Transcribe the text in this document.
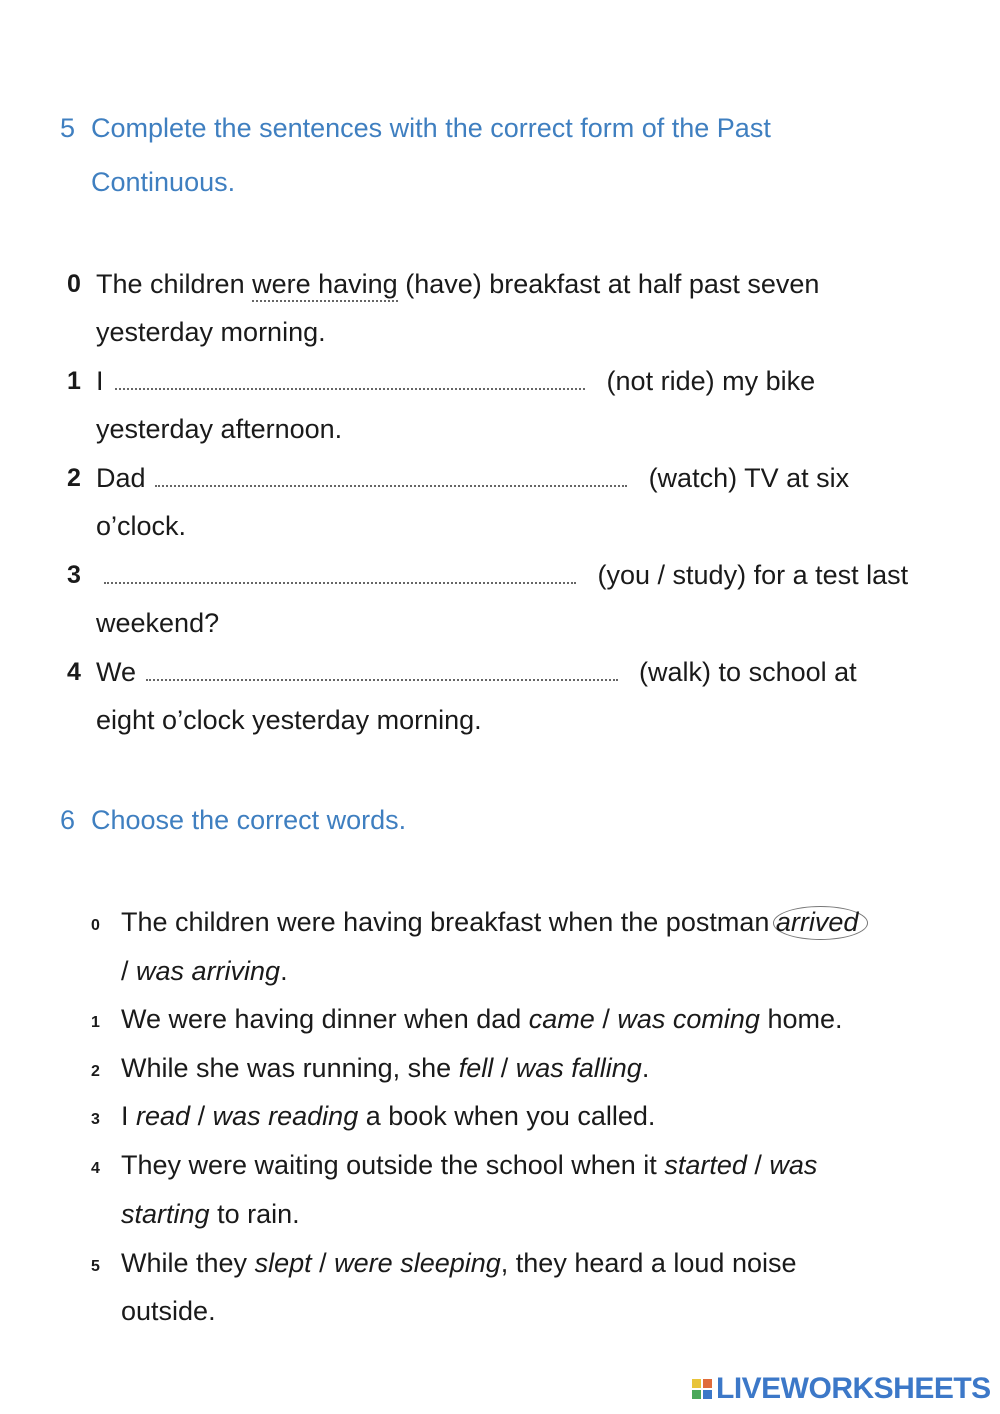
5 Complete the sentences with the correct form of the Past
Continuous.
0 The children were having (have) breakfast at half past seven
yesterday morning.
1 I	(not ride) my bike
yesterday afternoon.
2 Dad	(watch) TV at six
o’clock.
3	(you / study) for a test last
weekend?
4 We	(walk) to school at
eight o’clock yesterday morning.
6 Choose the correct words.
0 The children were having breakfast when the postman arrived
/ was arriving.
1 We were having dinner when dad came / was coming home.
2 While she was running, she fell / was falling.
3 I read / was reading a book when you called.
4 They were waiting outside the school when it started / was
starting to rain.
5 While they slept / were sleeping, they heard a loud noise
outside.
LIVEWORKSHEETS
